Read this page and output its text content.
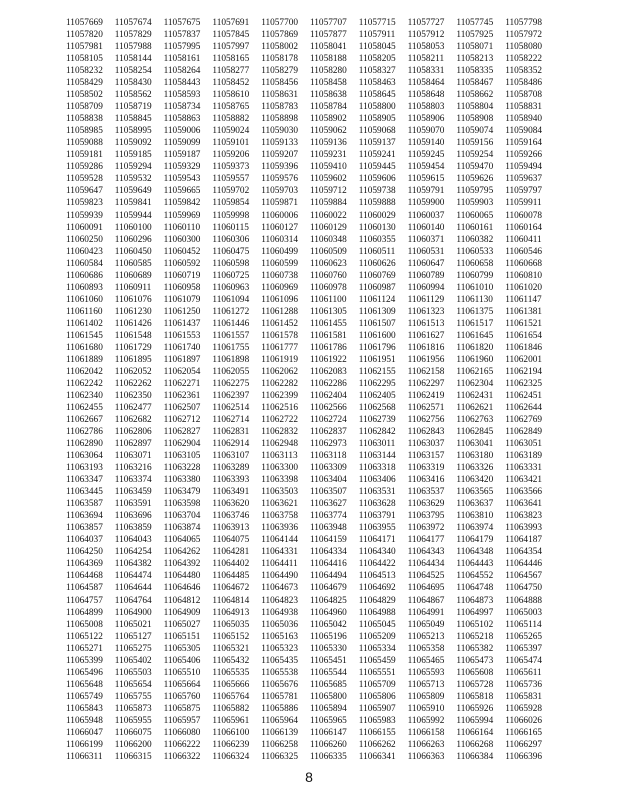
11057669	11057674	11057675	11057691	11057700	11057707	11057715	11057727	11057745	11057798
11057820	11057829	11057837	11057845	11057869	11057877	11057911	11057912	11057925	11057972
11057981	11057988	11057995	11057997	11058002	11058041	11058045	11058053	11058071	11058080
11058105	11058144	11058161	11058165	11058178	11058188	11058205	11058211	11058213	11058222
11058232	11058254	11058264	11058277	11058279	11058280	11058327	11058331	11058335	11058352
11058429	11058430	11058443	11058452	11058456	11058458	11058463	11058464	11058467	11058486
11058502	11058562	11058593	11058610	11058631	11058638	11058645	11058648	11058662	11058708
11058709	11058719	11058734	11058765	11058783	11058784	11058800	11058803	11058804	11058831
11058838	11058845	11058863	11058882	11058898	11058902	11058905	11058906	11058908	11058940
11058985	11058995	11059006	11059024	11059030	11059062	11059068	11059070	11059074	11059084
11059088	11059092	11059099	11059101	11059133	11059136	11059137	11059140	11059156	11059164
11059181	11059185	11059187	11059206	11059207	11059231	11059241	11059245	11059254	11059266
11059286	11059294	11059329	11059373	11059396	11059410	11059445	11059454	11059470	11059494
11059528	11059532	11059543	11059557	11059576	11059602	11059606	11059615	11059626	11059637
11059647	11059649	11059665	11059702	11059703	11059712	11059738	11059791	11059795	11059797
11059823	11059841	11059842	11059854	11059871	11059884	11059888	11059900	11059903	11059911
11059939	11059944	11059969	11059998	11060006	11060022	11060029	11060037	11060065	11060078
11060091	11060100	11060110	11060115	11060127	11060129	11060130	11060140	11060161	11060164
11060250	11060296	11060300	11060306	11060314	11060348	11060355	11060371	11060382	11060411
11060423	11060450	11060452	11060475	11060499	11060509	11060511	11060531	11060533	11060546
11060584	11060585	11060592	11060598	11060599	11060623	11060626	11060647	11060658	11060668
11060686	11060689	11060719	11060725	11060738	11060760	11060769	11060789	11060799	11060810
11060893	11060911	11060958	11060963	11060969	11060978	11060987	11060994	11061010	11061020
11061060	11061076	11061079	11061094	11061096	11061100	11061124	11061129	11061130	11061147
11061160	11061230	11061250	11061272	11061288	11061305	11061309	11061323	11061375	11061381
11061402	11061426	11061437	11061446	11061452	11061455	11061507	11061513	11061517	11061521
11061545	11061548	11061553	11061557	11061578	11061581	11061600	11061627	11061645	11061654
11061680	11061729	11061740	11061755	11061777	11061786	11061796	11061816	11061820	11061846
11061889	11061895	11061897	11061898	11061919	11061922	11061951	11061956	11061960	11062001
11062042	11062052	11062054	11062055	11062062	11062083	11062155	11062158	11062165	11062194
11062242	11062262	11062271	11062275	11062282	11062286	11062295	11062297	11062304	11062325
11062340	11062350	11062361	11062397	11062399	11062404	11062405	11062419	11062431	11062451
11062455	11062477	11062507	11062514	11062516	11062566	11062568	11062571	11062621	11062644
11062667	11062682	11062712	11062714	11062722	11062724	11062739	11062756	11062763	11062769
11062786	11062806	11062827	11062831	11062832	11062837	11062842	11062843	11062845	11062849
11062890	11062897	11062904	11062914	11062948	11062973	11063011	11063037	11063041	11063051
11063064	11063071	11063105	11063107	11063113	11063118	11063144	11063157	11063180	11063189
11063193	11063216	11063228	11063289	11063300	11063309	11063318	11063319	11063326	11063331
11063347	11063374	11063380	11063393	11063398	11063404	11063406	11063416	11063420	11063421
11063445	11063459	11063479	11063491	11063503	11063507	11063531	11063537	11063565	11063566
11063587	11063591	11063598	11063620	11063621	11063627	11063628	11063629	11063637	11063641
11063694	11063696	11063704	11063746	11063758	11063774	11063791	11063795	11063810	11063823
11063857	11063859	11063874	11063913	11063936	11063948	11063955	11063972	11063974	11063993
11064037	11064043	11064065	11064075	11064144	11064159	11064171	11064177	11064179	11064187
11064250	11064254	11064262	11064281	11064331	11064334	11064340	11064343	11064348	11064354
11064369	11064382	11064392	11064402	11064411	11064416	11064422	11064434	11064443	11064446
11064468	11064474	11064480	11064485	11064490	11064494	11064513	11064525	11064552	11064567
11064587	11064644	11064646	11064672	11064673	11064679	11064692	11064695	11064748	11064750
11064757	11064764	11064812	11064814	11064823	11064825	11064829	11064867	11064873	11064888
11064899	11064900	11064909	11064913	11064938	11064960	11064988	11064991	11064997	11065003
11065008	11065021	11065027	11065035	11065036	11065042	11065045	11065049	11065102	11065114
11065122	11065127	11065151	11065152	11065163	11065196	11065209	11065213	11065218	11065265
11065271	11065275	11065305	11065321	11065323	11065330	11065334	11065358	11065382	11065397
11065399	11065402	11065406	11065432	11065435	11065451	11065459	11065465	11065473	11065474
11065496	11065503	11065510	11065535	11065538	11065544	11065551	11065593	11065608	11065611
11065648	11065654	11065664	11065666	11065676	11065685	11065709	11065713	11065728	11065736
11065749	11065755	11065760	11065764	11065781	11065800	11065806	11065809	11065818	11065831
11065843	11065873	11065875	11065882	11065886	11065894	11065907	11065910	11065926	11065928
11065948	11065955	11065957	11065961	11065964	11065965	11065983	11065992	11065994	11066026
11066047	11066075	11066080	11066100	11066139	11066147	11066155	11066158	11066164	11066165
11066199	11066200	11066222	11066239	11066258	11066260	11066262	11066263	11066268	11066297
11066311	11066315	11066322	11066324	11066325	11066335	11066341	11066363	11066384	11066396
8
